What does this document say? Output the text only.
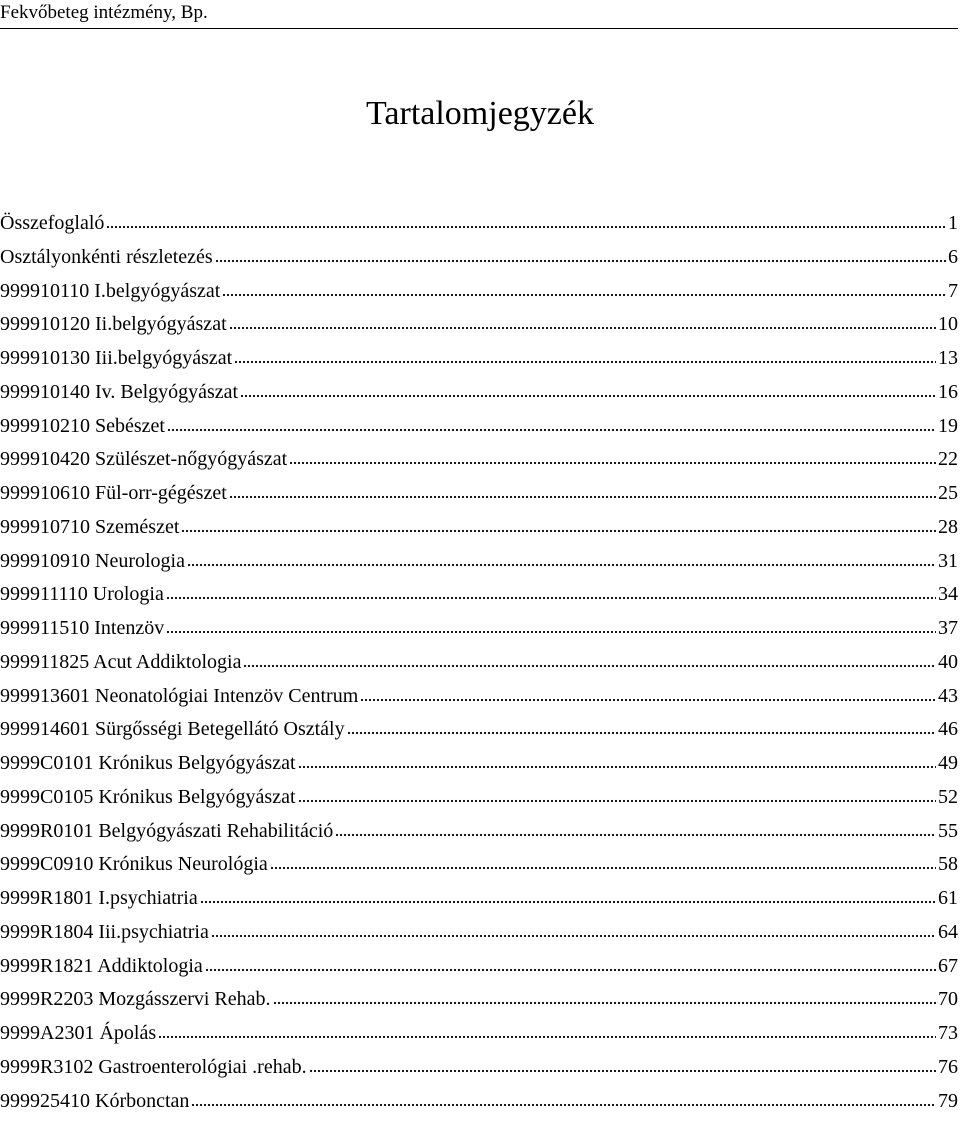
Fekvőbeteg intézmény, Bp.
Tartalomjegyzék
Összefoglaló	1
Osztályonkénti részletezés	6
999910110 I.belgyógyászat	7
999910120 Ii.belgyógyászat	10
999910130 Iii.belgyógyászat	13
999910140 Iv. Belgyógyászat	16
999910210 Sebészet	19
999910420 Szülészet-nőgyógyászat	22
999910610 Fül-orr-gégészet	25
999910710 Szemészet	28
999910910 Neurologia	31
999911110 Urologia	34
999911510 Intenzöv	37
999911825 Acut Addiktologia	40
999913601 Neonatológiai Intenzöv Centrum	43
999914601 Sürgősségi Betegellátó Osztály	46
9999C0101 Krónikus Belgyógyászat	49
9999C0105 Krónikus Belgyógyászat	52
9999R0101 Belgyógyászati Rehabilitáció	55
9999C0910 Krónikus Neurológia	58
9999R1801 I.psychiatria	61
9999R1804 Iii.psychiatria	64
9999R1821 Addiktologia	67
9999R2203 Mozgásszervi Rehab.	70
9999A2301 Ápolás	73
9999R3102 Gastroenterológiai .rehab.	76
999925410 Kórbonctan	79
